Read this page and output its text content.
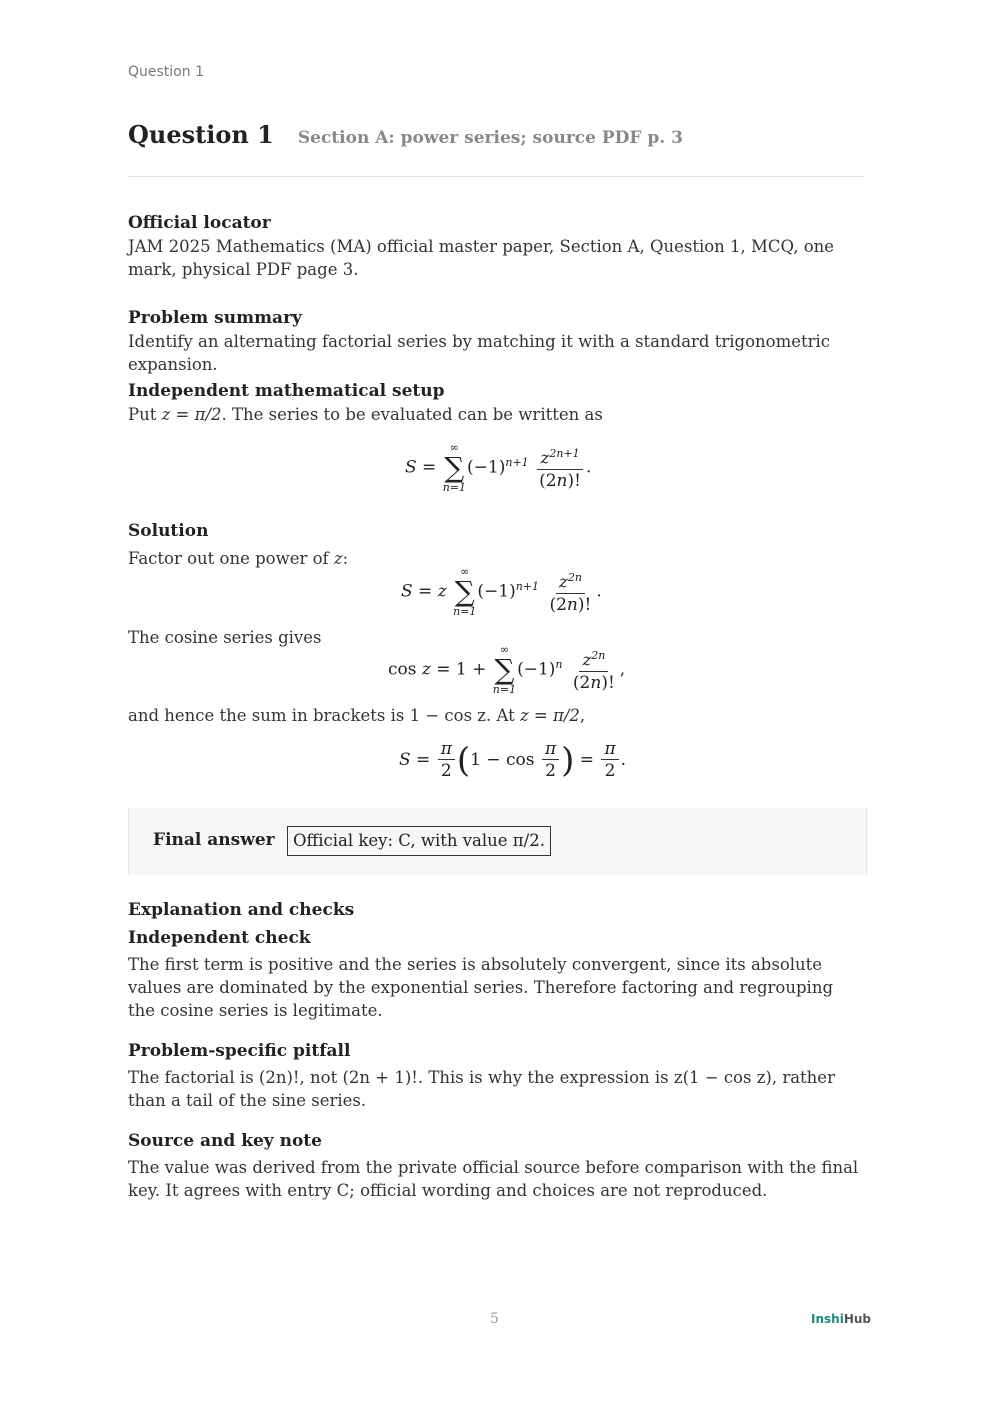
Question 1
Question 1 Section A: power series; source PDF p. 3

Official locator

JAM 2025 Mathematics (MA) official master paper, Section A, Question 1, MCQ, one mark, physical PDF page 3.

Problem summary

Identify an alternating factorial series by matching it with a standard trigonometric expansion.

Independent mathematical setup

Put z = π/2. The series to be evaluated can be written as

S =
∞
∑
n=1
$(-1)^{n+1} \frac{z^{2n+1}}{(2n)!}$ .

Solution

Factor out one power of z:

S = z
∞
∑
n=1
$(-1)^{n+1} \frac{z^{2n}}{(2n)!}$ .

The cosine series gives

cos z = 1 +
∞
∑
n=1
$(-1)^n \frac{z^{2n}}{(2n)!}$ ,

and hence the sum in brackets is 1 − cos z. At z = π/2,

$S = \frac{\pi}{2} (1 - \cos \frac{\pi}{2}$ ) = $\frac{\pi}{2}$ .
Final answer	Official key: C, with value π/2.

Explanation and checks

Independent check

The first term is positive and the series is absolutely convergent, since its absolute values are dominated by the exponential series. Therefore factoring and regrouping the cosine series is legitimate.

Problem-specific pitfall

The factorial is (2n)!, not (2n + 1)!. This is why the expression is z(1 − cos z), rather than a tail of the sine series.

Source and key note

The value was derived from the private official source before comparison with the final key. It agrees with entry C; official wording and choices are not reproduced.

5	InshiHub
